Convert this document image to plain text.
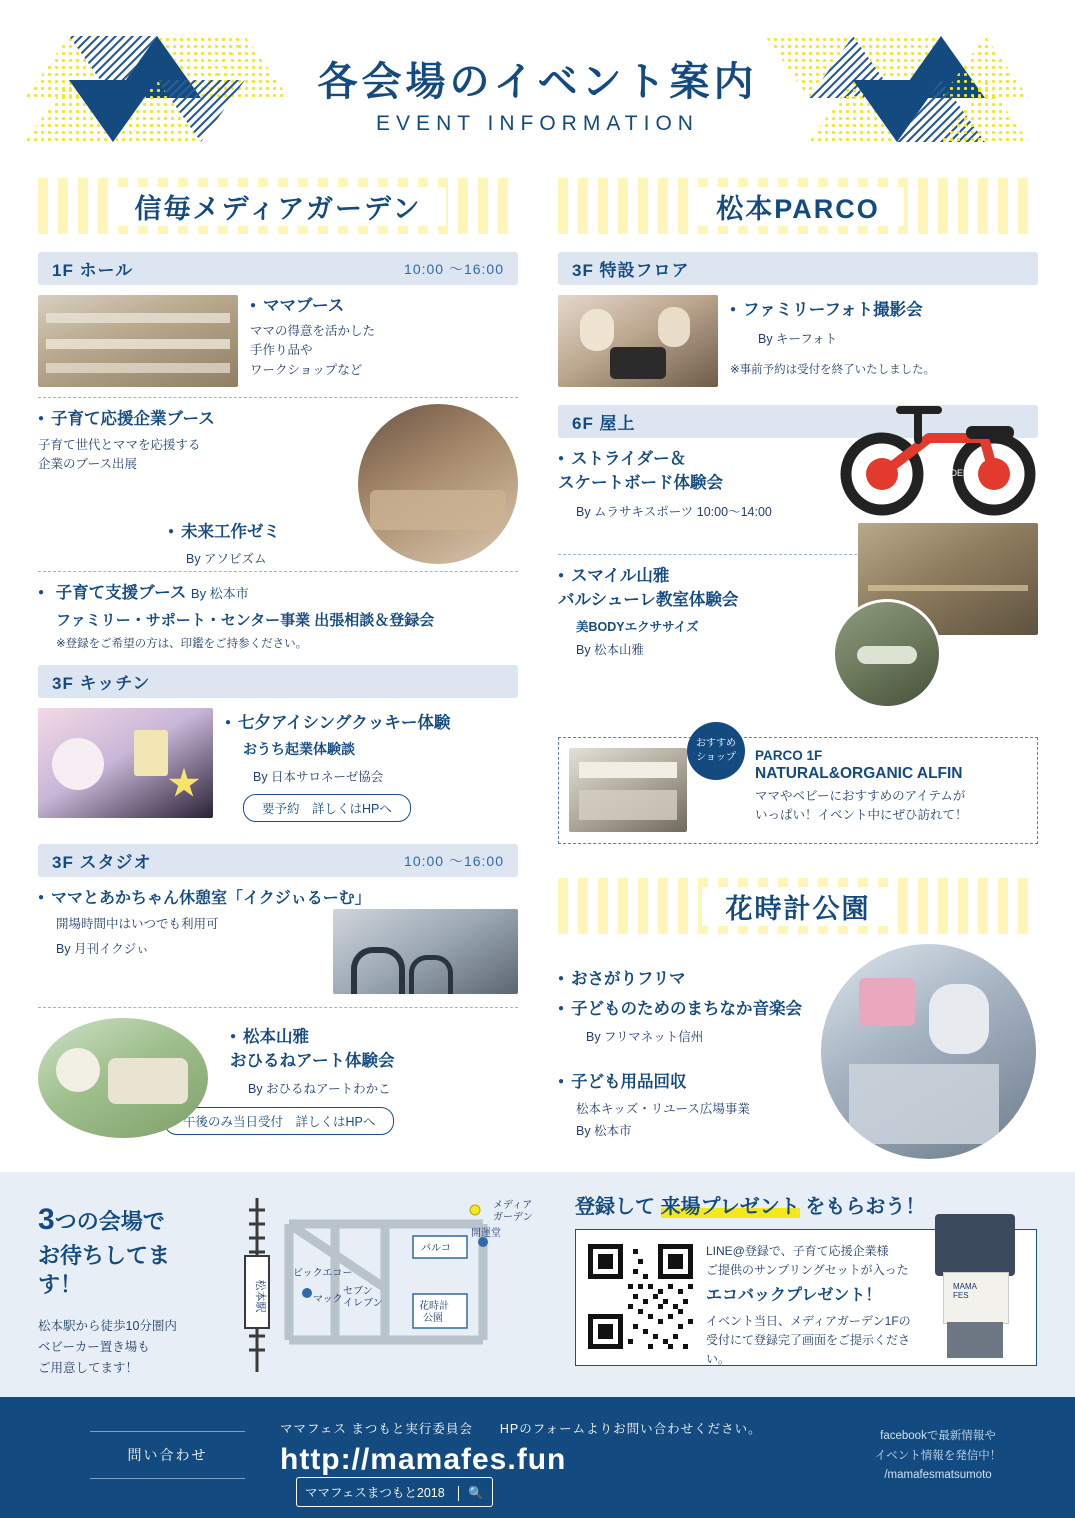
各会場のイベント案内
EVENT INFORMATION
信毎メディアガーデン
1F ホール	10:00 ～16:00
● ママブース
ママの得意を活かした
手作り品や
ワークショップなど
● 子育て応援企業ブース
子育て世代とママを応援する
企業のブース出展
● 未来工作ゼミ
By アソビズム
● 子育て支援ブース By 松本市
ファミリー・サポート・センター事業 出張相談＆登録会
※登録をご希望の方は、印鑑をご持参ください。
3F キッチン
● 七夕アイシングクッキー体験
おうち起業体験談
By 日本サロネーゼ協会
要予約　詳しくはHPへ
3F スタジオ	10:00 ～16:00
● ママとあかちゃん休憩室「イクジぃるーむ」
開場時間中はいつでも利用可
By 月刊イクジぃ
● 松本山雅
おひるねアート体験会
By おひるねアートわかこ
午後のみ当日受付　詳しくはHPへ
松本PARCO
3F 特設フロア
● ファミリーフォト撮影会
By キーフォト
※事前予約は受付を終了いたしました。
6F 屋上
● ストライダー＆
スケートボード体験会
By ムラサキスポーツ 10:00〜14:00
STRIDER
● スマイル山雅
バルシューレ教室体験会
美BODYエクササイズ
By 松本山雅
おすすめ
ショップ	PARCO 1F
NATURAL&ORGANIC ALFIN
ママやベビーにおすすめのアイテムが
いっぱい！イベント中にぜひ訪れて！
花時計公園
● おさがりフリマ
● 子どものためのまちなか音楽会
By フリマネット信州
● 子ども用品回収
松本キッズ・リユース広場事業
By 松本市
3つの会場で
お待ちしてます！
松本駅から徒歩10分圏内
ベビーカー置き場も
ご用意してます！
松本駅
ビックエコー
マック
セブン
イレブン
パルコ
花時計
公園
開運堂
メディア
ガーデン 登録して 来場プレゼント をもらおう！
LINE@登録で、子育て応援企業様
ご提供のサンプリングセットが入った
エコバックプレゼント！
イベント当日、メディアガーデン1Fの
受付にて登録完了画面をご提示ください。
MAMA
FES
問い合わせ
ママフェス まつもと実行委員会　　HPのフォームよりお問い合わせください。
http://mamafes.fun ママフェスまつもと2018 🔍
facebookで最新情報や
イベント情報を発信中！
/mamafesmatsumoto
